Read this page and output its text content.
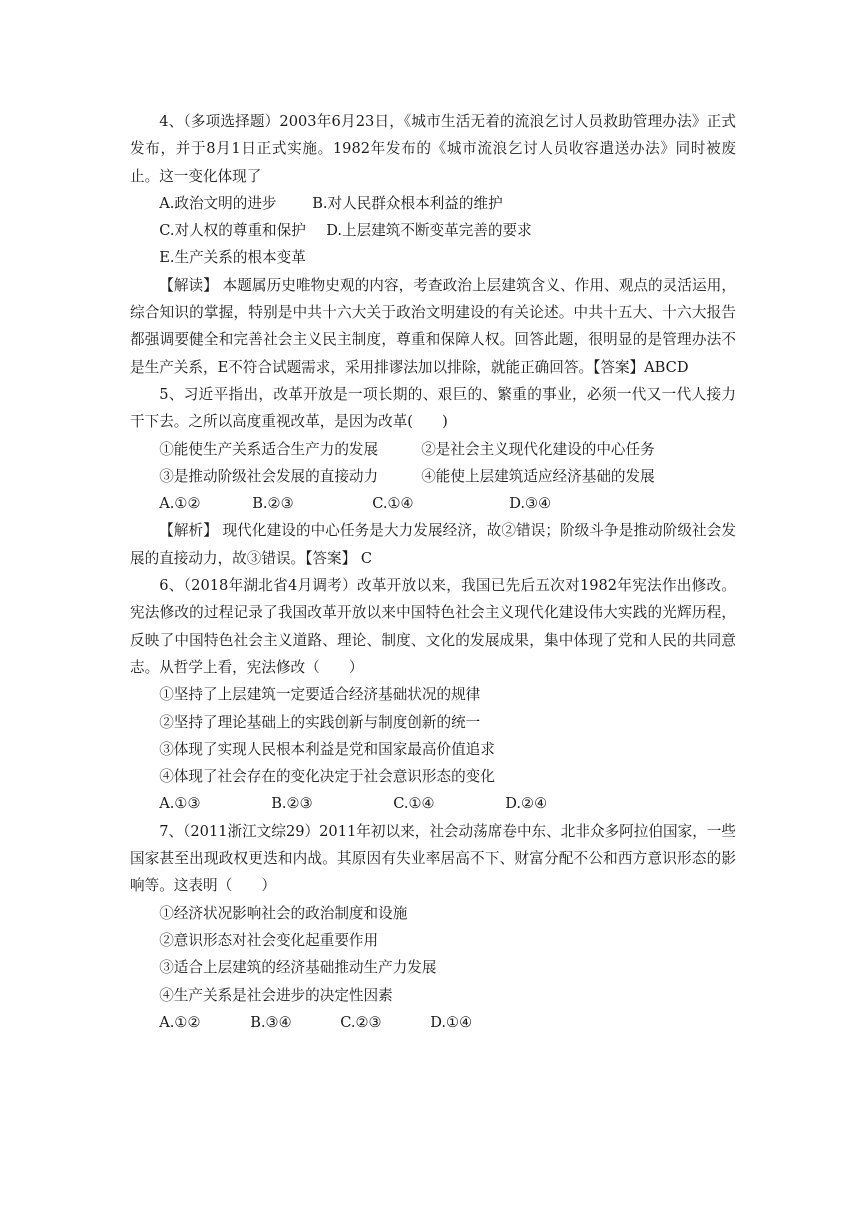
4、（多项选择题）2003年6月23日，《城市生活无着的流浪乞讨人员救助管理办法》正式发布，并于8月1日正式实施。1982年发布的《城市流浪乞讨人员收容遣送办法》同时被废止。这一变化体现了

A.政治文明的进步 B.对人民群众根本利益的维护

C.对人权的尊重和保护 D.上层建筑不断变革完善的要求

E.生产关系的根本变革

【解读】 本题属历史唯物史观的内容，考查政治上层建筑含义、作用、观点的灵活运用，综合知识的掌握，特别是中共十六大关于政治文明建设的有关论述。中共十五大、十六大报告都强调要健全和完善社会主义民主制度，尊重和保障人权。回答此题，很明显的是管理办法不是生产关系，E不符合试题需求，采用排谬法加以排除，就能正确回答。【答案】ABCD

5、习近平指出，改革开放是一项长期的、艰巨的、繁重的事业，必须一代又一代人接力干下去。之所以高度重视改革，是因为改革(　　)

①能使生产关系适合生产力的发展	②是社会主义现代化建设的中心任务

③是推动阶级社会发展的直接动力	④能使上层建筑适应经济基础的发展

A.①②	B.②③	C.①④	D.③④

【解析】 现代化建设的中心任务是大力发展经济，故②错误；阶级斗争是推动阶级社会发展的直接动力，故③错误。【答案】 C

6、（2018年湖北省4月调考）改革开放以来，我国已先后五次对1982年宪法作出修改。宪法修改的过程记录了我国改革开放以来中国特色社会主义现代化建设伟大实践的光辉历程，反映了中国特色社会主义道路、理论、制度、文化的发展成果，集中体现了党和人民的共同意志。从哲学上看，宪法修改（　　）

①坚持了上层建筑一定要适合经济基础状况的规律

②坚持了理论基础上的实践创新与制度创新的统一

③体现了实现人民根本利益是党和国家最高价值追求

④体现了社会存在的变化决定于社会意识形态的变化

A.①③	B.②③	C.①④	D.②④

7、（2011浙江文综29）2011年初以来，社会动荡席卷中东、北非众多阿拉伯国家，一些国家甚至出现政权更迭和内战。其原因有失业率居高不下、财富分配不公和西方意识形态的影响等。这表明（　　）

①经济状况影响社会的政治制度和设施

②意识形态对社会变化起重要作用

③适合上层建筑的经济基础推动生产力发展

④生产关系是社会进步的决定性因素

A.①②	B.③④	C.②③	D.①④
